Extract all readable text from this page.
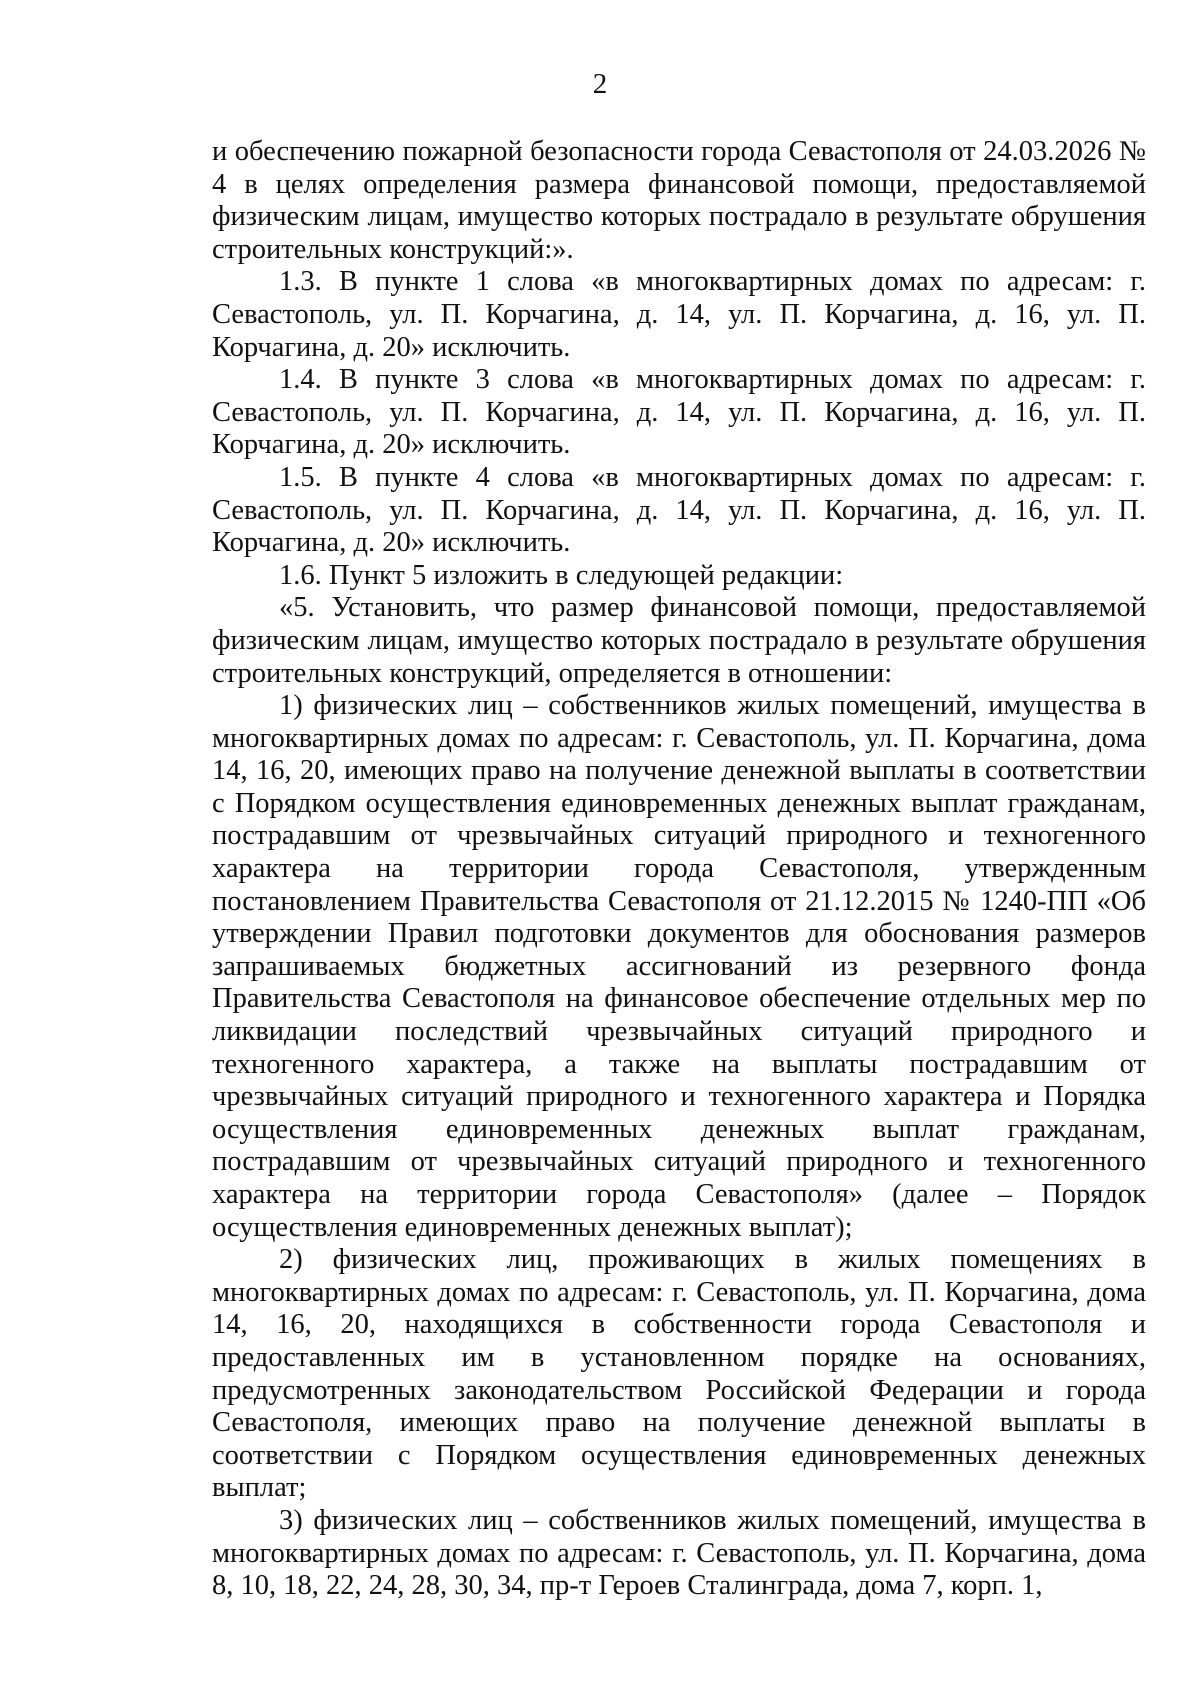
2

и обеспечению пожарной безопасности города Севастополя от 24.03.2026 № 4 в целях определения размера финансовой помощи, предоставляемой физическим лицам, имущество которых пострадало в результате обрушения строительных конструкций:».

1.3. В пункте 1 слова «в многоквартирных домах по адресам: г. Севастополь, ул. П. Корчагина, д. 14, ул. П. Корчагина, д. 16, ул. П. Корчагина, д. 20» исключить.

1.4. В пункте 3 слова «в многоквартирных домах по адресам: г. Севастополь, ул. П. Корчагина, д. 14, ул. П. Корчагина, д. 16, ул. П. Корчагина, д. 20» исключить.

1.5. В пункте 4 слова «в многоквартирных домах по адресам: г. Севастополь, ул. П. Корчагина, д. 14, ул. П. Корчагина, д. 16, ул. П. Корчагина, д. 20» исключить.

1.6. Пункт 5 изложить в следующей редакции:

«5. Установить, что размер финансовой помощи, предоставляемой физическим лицам, имущество которых пострадало в результате обрушения строительных конструкций, определяется в отношении:

1) физических лиц – собственников жилых помещений, имущества в многоквартирных домах по адресам: г. Севастополь, ул. П. Корчагина, дома 14, 16, 20, имеющих право на получение денежной выплаты в соответствии с Порядком осуществления единовременных денежных выплат гражданам, пострадавшим от чрезвычайных ситуаций природного и техногенного характера на территории города Севастополя, утвержденным постановлением Правительства Севастополя от 21.12.2015 № 1240-ПП «Об утверждении Правил подготовки документов для обоснования размеров запрашиваемых бюджетных ассигнований из резервного фонда Правительства Севастополя на финансовое обеспечение отдельных мер по ликвидации последствий чрезвычайных ситуаций природного и техногенного характера, а также на выплаты пострадавшим от чрезвычайных ситуаций природного и техногенного характера и Порядка осуществления единовременных денежных выплат гражданам, пострадавшим от чрезвычайных ситуаций природного и техногенного характера на территории города Севастополя» (далее – Порядок осуществления единовременных денежных выплат);

2) физических лиц, проживающих в жилых помещениях в многоквартирных домах по адресам: г. Севастополь, ул. П. Корчагина, дома 14, 16, 20, находящихся в собственности города Севастополя и предоставленных им в установленном порядке на основаниях, предусмотренных законодательством Российской Федерации и города Севастополя, имеющих право на получение денежной выплаты в соответствии с Порядком осуществления единовременных денежных выплат;

3) физических лиц – собственников жилых помещений, имущества в многоквартирных домах по адресам: г. Севастополь, ул. П. Корчагина, дома 8, 10, 18, 22, 24, 28, 30, 34, пр-т Героев Сталинграда, дома 7, корп. 1,
